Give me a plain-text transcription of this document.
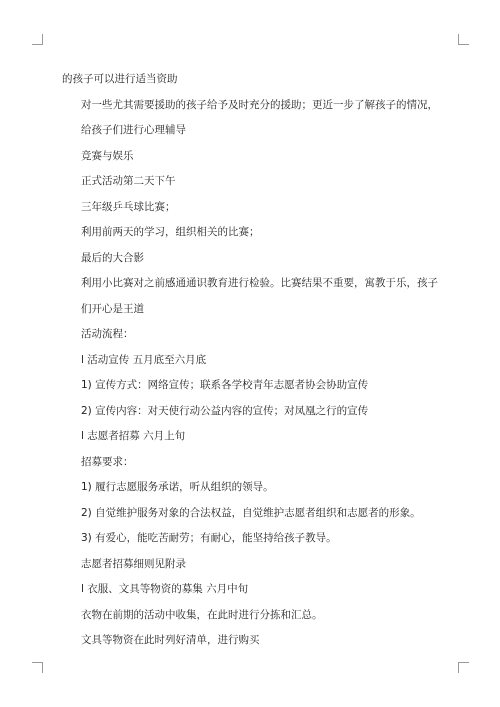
的孩子可以进行适当资助

对一些尤其需要援助的孩子给予及时充分的援助；更近一步了解孩子的情况，给孩子们进行心理辅导

竞赛与娱乐

正式活动第二天下午

三年级乒乓球比赛；

利用前两天的学习，组织相关的比赛；

最后的大合影

利用小比赛对之前感通通识教育进行检验。比赛结果不重要，寓教于乐，孩子们开心是王道

活动流程：

l 活动宣传 五月底至六月底

1) 宣传方式：网络宣传；联系各学校青年志愿者协会协助宣传

2) 宣传内容：对天使行动公益内容的宣传；对凤凰之行的宣传

l 志愿者招募 六月上旬

招募要求：

1) 履行志愿服务承诺，听从组织的领导。

2) 自觉维护服务对象的合法权益，自觉维护志愿者组织和志愿者的形象。

3) 有爱心，能吃苦耐劳；有耐心，能坚持给孩子教导。

志愿者招募细则见附录

l 衣服、文具等物资的募集 六月中旬

衣物在前期的活动中收集，在此时进行分拣和汇总。

文具等物资在此时列好清单，进行购买
